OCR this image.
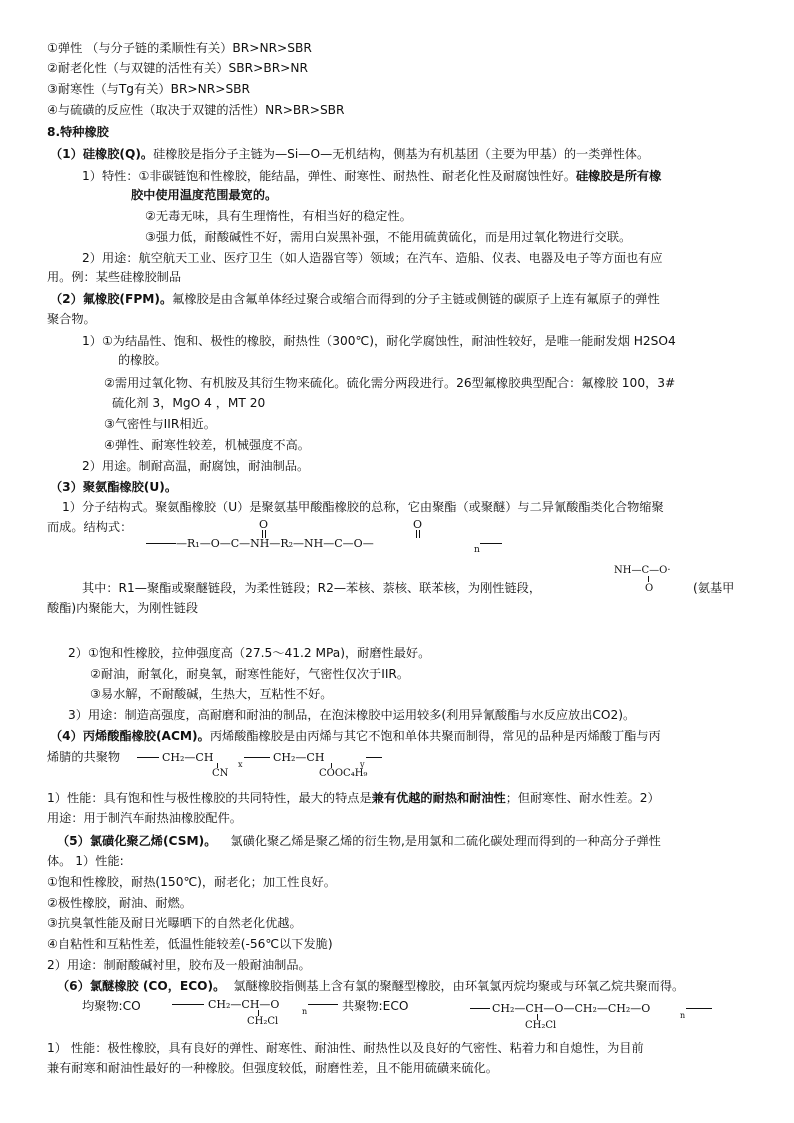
①弹性 （与分子链的柔顺性有关）BR>NR>SBR
②耐老化性（与双键的活性有关）SBR>BR>NR
③耐寒性（与Tg有关）BR>NR>SBR
④与硫磺的反应性（取决于双键的活性）NR>BR>SBR
8.特种橡胶
（1）硅橡胶(Q)。硅橡胶是指分子主链为—Si—O—无机结构，侧基为有机基团（主要为甲基）的一类弹性体。
1）特性：①非碳链饱和性橡胶，能结晶，弹性、耐寒性、耐热性、耐老化性及耐腐蚀性好。硅橡胶是所有橡
胶中使用温度范围最宽的。
②无毒无味，具有生理惰性，有相当好的稳定性。
③强力低，耐酸碱性不好，需用白炭黑补强，不能用硫黄硫化，而是用过氧化物进行交联。
2）用途：航空航天工业、医疗卫生（如人造器官等）领域；在汽车、造船、仪表、电器及电子等方面也有应
用。例：某些硅橡胶制品
（2）氟橡胶(FPM)。氟橡胶是由含氟单体经过聚合或缩合而得到的分子主链或侧链的碳原子上连有氟原子的弹性
聚合物。
1）①为结晶性、饱和、极性的橡胶，耐热性（300℃)，耐化学腐蚀性，耐油性较好，是唯一能耐发烟 H2SO4
的橡胶。
②需用过氧化物、有机胺及其衍生物来硫化。硫化需分两段进行。26型氟橡胶典型配合：氟橡胶 100，3#
硫化剂 3，MgO 4 ，MT 20
③气密性与IIR相近。
④弹性、耐寒性较差，机械强度不高。
2）用途。制耐高温，耐腐蚀，耐油制品。
（3）聚氨酯橡胶(U)。
1）分子结构式。聚氨酯橡胶（U）是聚氨基甲酸酯橡胶的总称，它由聚酯（或聚醚）与二异氰酸酯类化合物缩聚
而成。结构式：	O	O
—R₁—O—C—NH—R₂—NH—C—O—	n
NH—C—O·
O
其中：R1—聚酯或聚醚链段，为柔性链段；R2—苯核、萘核、联苯核，为刚性链段，	(氨基甲
酸酯)内聚能大，为刚性链段
2）①饱和性橡胶，拉伸强度高（27.5～41.2 MPa)，耐磨性最好。
②耐油，耐氧化，耐臭氧，耐寒性能好，气密性仅次于IIR。
③易水解，不耐酸碱，生热大，互粘性不好。
3）用途：制造高强度，高耐磨和耐油的制品，在泡沫橡胶中运用较多(利用异氰酸酯与水反应放出CO2)。
（4）丙烯酸酯橡胶(ACM)。丙烯酸酯橡胶是由丙烯与其它不饱和单体共聚而制得，常见的品种是丙烯酸丁酯与丙
烯腈的共聚物	CH₂—CH
x
CH₂—CH
y
CN	COOC₄H₉
1）性能：具有饱和性与极性橡胶的共同特性，最大的特点是兼有优越的耐热和耐油性；但耐寒性、耐水性差。2）
用途：用于制汽车耐热油橡胶配件。
（5）氯磺化聚乙烯(CSM)。 氯磺化聚乙烯是聚乙烯的衍生物,是用氯和二硫化碳处理而得到的一种高分子弹性
体。 1）性能:
①饱和性橡胶，耐热(150℃)，耐老化；加工性良好。
②极性橡胶，耐油、耐燃。
③抗臭氧性能及耐日光曝晒下的自然老化优越。
④自粘性和互粘性差，低温性能较差(-56℃以下发脆)
2）用途：制耐酸碱衬里，胶布及一般耐油制品。
（6）氯醚橡胶 (CO，ECO)。 氯醚橡胶指侧基上含有氯的聚醚型橡胶，由环氧氯丙烷均聚或与环氧乙烷共聚而得。
均聚物:CO	CH₂—CH—O
n
CH₂Cl
共聚物:ECO	CH₂—CH—O—CH₂—CH₂—O
n
CH₂Cl
1） 性能：极性橡胶，具有良好的弹性、耐寒性、耐油性、耐热性以及良好的气密性、粘着力和自熄性，为目前
兼有耐寒和耐油性最好的一种橡胶。但强度较低，耐磨性差，且不能用硫磺来硫化。
